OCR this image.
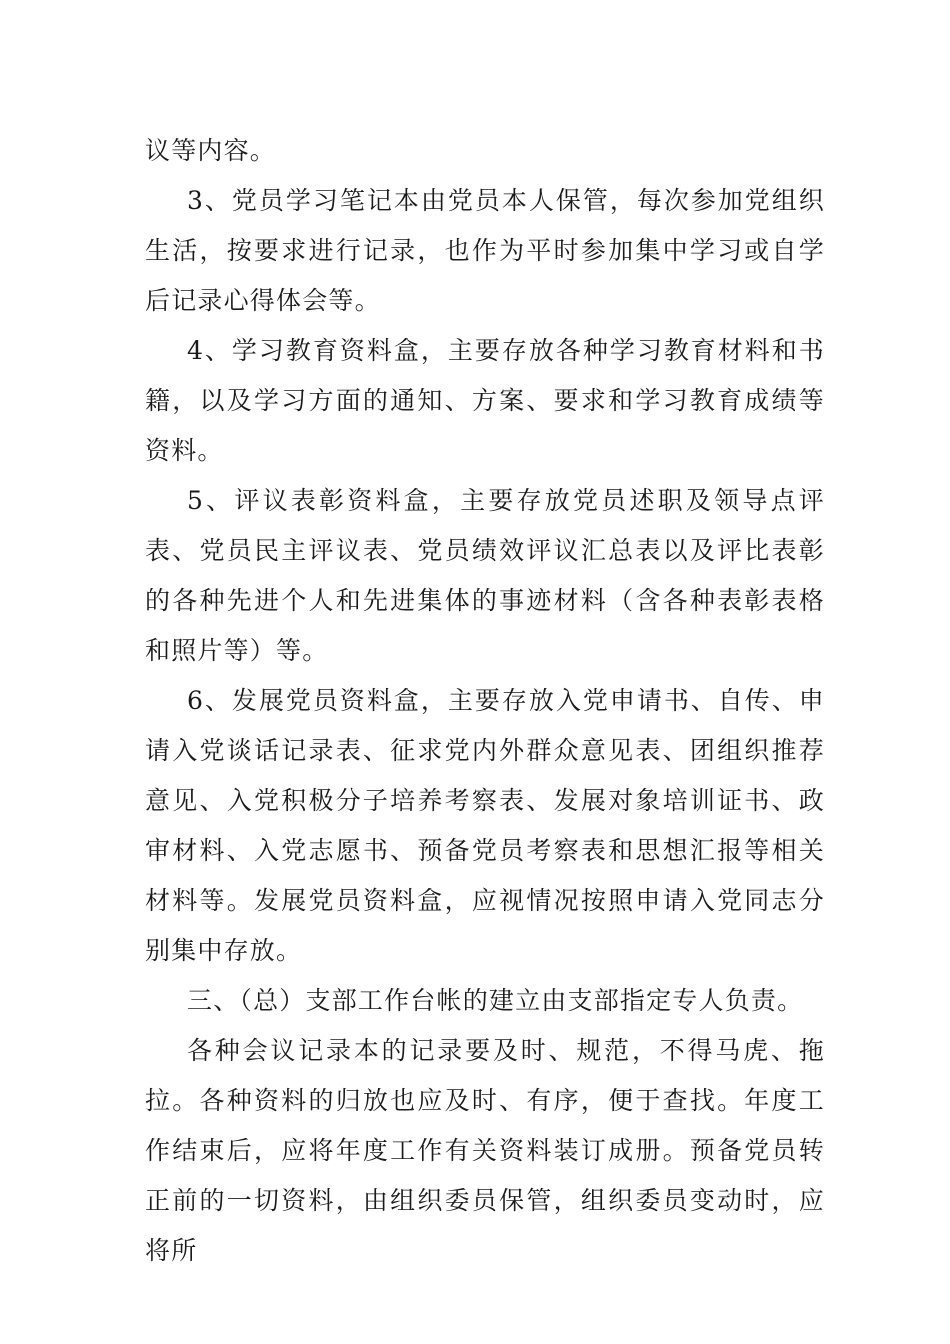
议等内容。

3、党员学习笔记本由党员本人保管，每次参加党组织生活，按要求进行记录，也作为平时参加集中学习或自学后记录心得体会等。

4、学习教育资料盒，主要存放各种学习教育材料和书籍，以及学习方面的通知、方案、要求和学习教育成绩等资料。

5、评议表彰资料盒，主要存放党员述职及领导点评表、党员民主评议表、党员绩效评议汇总表以及评比表彰的各种先进个人和先进集体的事迹材料（含各种表彰表格和照片等）等。

6、发展党员资料盒，主要存放入党申请书、自传、申请入党谈话记录表、征求党内外群众意见表、团组织推荐意见、入党积极分子培养考察表、发展对象培训证书、政审材料、入党志愿书、预备党员考察表和思想汇报等相关材料等。发展党员资料盒，应视情况按照申请入党同志分别集中存放。

三、（总）支部工作台帐的建立由支部指定专人负责。

各种会议记录本的记录要及时、规范，不得马虎、拖拉。各种资料的归放也应及时、有序，便于查找。年度工作结束后，应将年度工作有关资料装订成册。预备党员转正前的一切资料，由组织委员保管，组织委员变动时，应将所
